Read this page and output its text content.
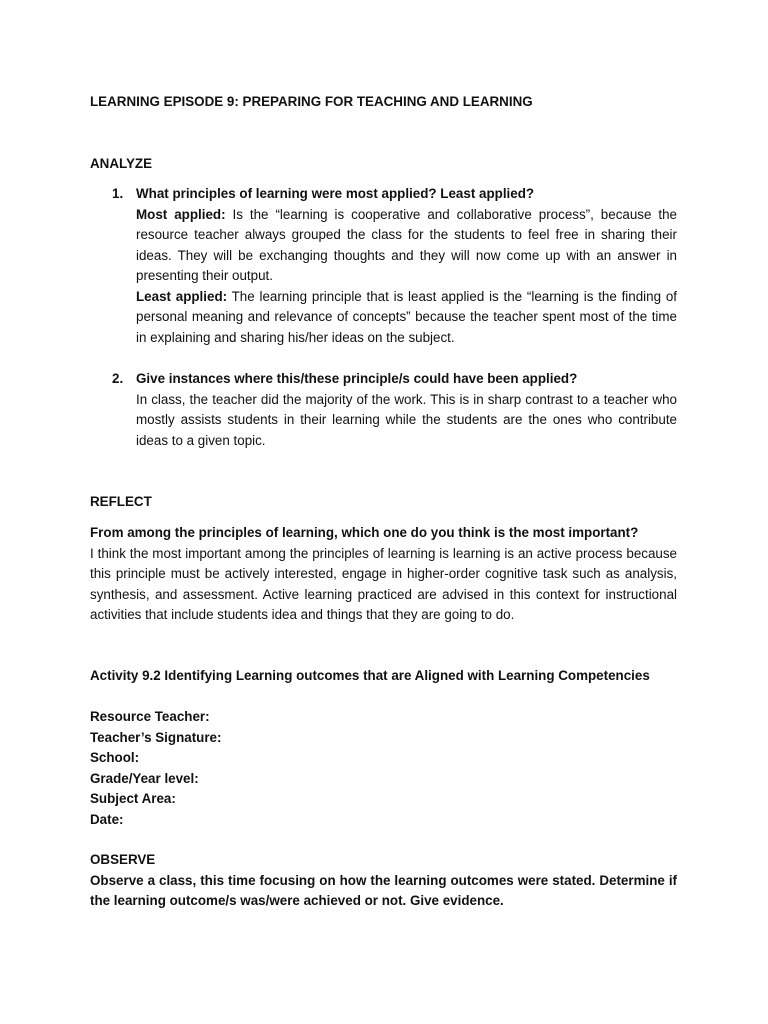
LEARNING EPISODE 9: PREPARING FOR TEACHING AND LEARNING
ANALYZE
1. What principles of learning were most applied? Least applied?
Most applied: Is the “learning is cooperative and collaborative process”, because the resource teacher always grouped the class for the students to feel free in sharing their ideas. They will be exchanging thoughts and they will now come up with an answer in presenting their output.
Least applied: The learning principle that is least applied is the “learning is the finding of personal meaning and relevance of concepts” because the teacher spent most of the time in explaining and sharing his/her ideas on the subject.
2. Give instances where this/these principle/s could have been applied?
In class, the teacher did the majority of the work. This is in sharp contrast to a teacher who mostly assists students in their learning while the students are the ones who contribute ideas to a given topic.
REFLECT
From among the principles of learning, which one do you think is the most important?
I think the most important among the principles of learning is learning is an active process because this principle must be actively interested, engage in higher-order cognitive task such as analysis, synthesis, and assessment. Active learning practiced are advised in this context for instructional activities that include students idea and things that they are going to do.
Activity 9.2 Identifying Learning outcomes that are Aligned with Learning Competencies
Resource Teacher:
Teacher’s Signature:
School:
Grade/Year level:
Subject Area:
Date:
OBSERVE
Observe a class, this time focusing on how the learning outcomes were stated. Determine if the learning outcome/s was/were achieved or not. Give evidence.
